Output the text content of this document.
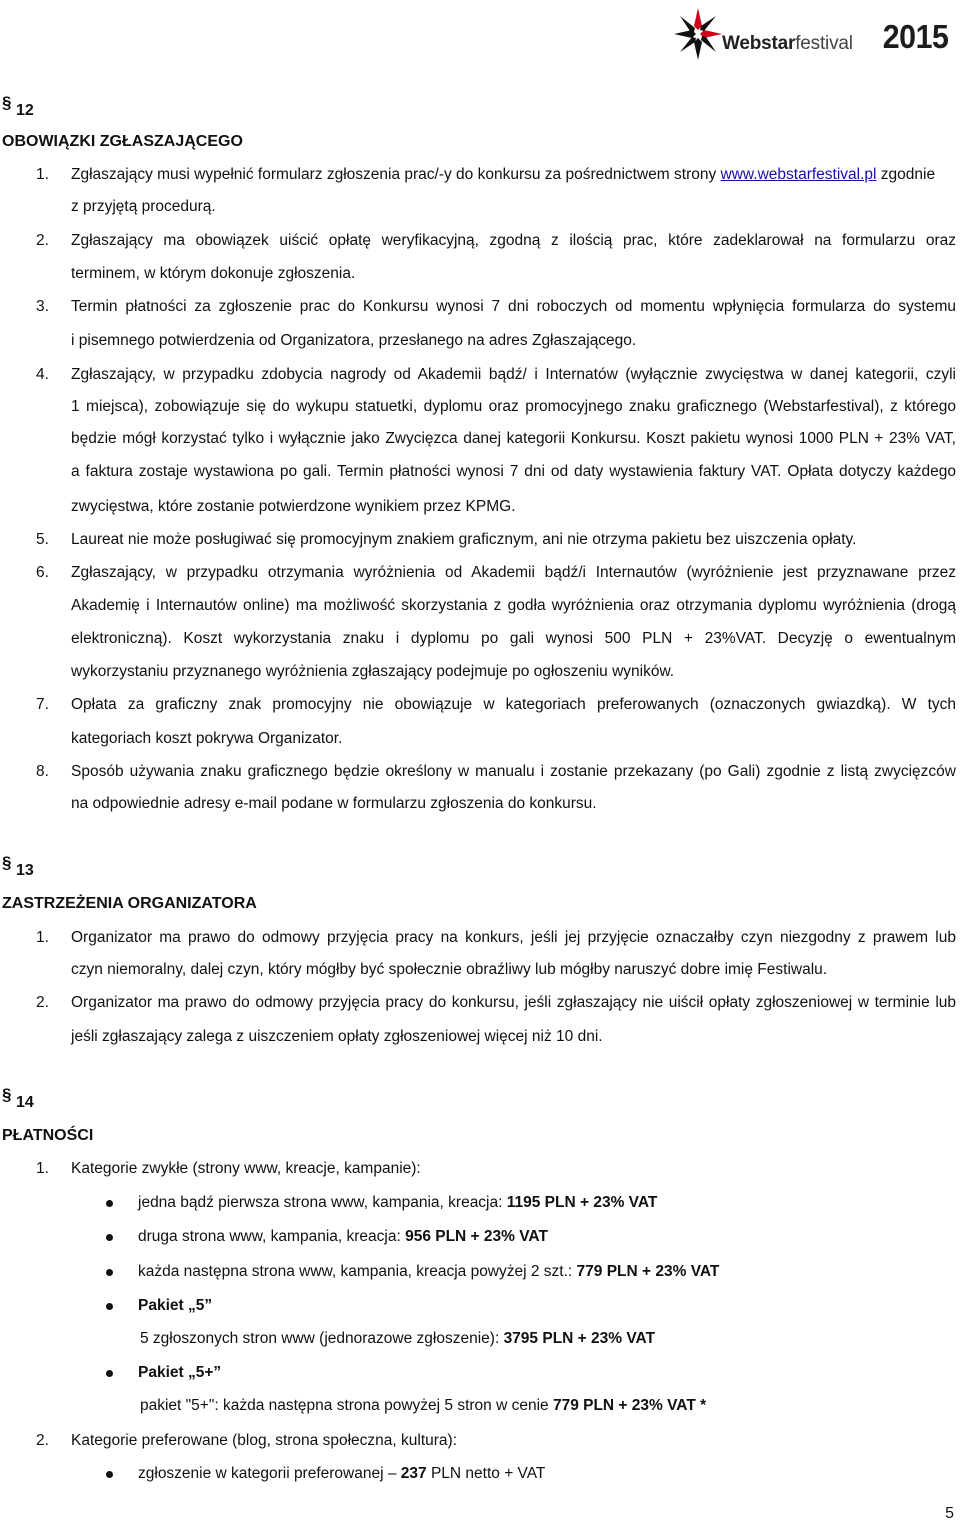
Webstarfestival 2015
§ 12
OBOWIĄZKI ZGŁASZAJĄCEGO
1. Zgłaszający musi wypełnić formularz zgłoszenia prac/-y do konkursu za pośrednictwem strony www.webstarfestival.pl zgodnie
z przyjętą procedurą.
2. Zgłaszający ma obowiązek uiścić opłatę weryfikacyjną, zgodną z ilością prac, które zadeklarował na formularzu oraz
terminem, w którym dokonuje zgłoszenia.
3. Termin płatności za zgłoszenie prac do Konkursu wynosi 7 dni roboczych od momentu wpłynięcia formularza do systemu
i pisemnego potwierdzenia od Organizatora, przesłanego na adres Zgłaszającego.
4. Zgłaszający, w przypadku zdobycia nagrody od Akademii bądź/ i Internatów (wyłącznie zwycięstwa w danej kategorii, czyli
1 miejsca), zobowiązuje się do wykupu statuetki, dyplomu oraz promocyjnego znaku graficznego (Webstarfestival), z którego
będzie mógł korzystać tylko i wyłącznie jako Zwycięzca danej kategorii Konkursu. Koszt pakietu wynosi 1000 PLN + 23% VAT,
a faktura zostaje wystawiona po gali. Termin płatności wynosi 7 dni od daty wystawienia faktury VAT. Opłata dotyczy każdego
zwycięstwa, które zostanie potwierdzone wynikiem przez KPMG.
5. Laureat nie może posługiwać się promocyjnym znakiem graficznym, ani nie otrzyma pakietu bez uiszczenia opłaty.
6. Zgłaszający, w przypadku otrzymania wyróżnienia od Akademii bądź/i Internautów (wyróżnienie jest przyznawane przez
Akademię i Internautów online) ma możliwość skorzystania z godła wyróżnienia oraz otrzymania dyplomu wyróżnienia (drogą
elektroniczną). Koszt wykorzystania znaku i dyplomu po gali wynosi 500 PLN + 23%VAT. Decyzję o ewentualnym
wykorzystaniu przyznanego wyróżnienia zgłaszający podejmuje po ogłoszeniu wyników.
7. Opłata za graficzny znak promocyjny nie obowiązuje w kategoriach preferowanych (oznaczonych gwiazdką). W tych
kategoriach koszt pokrywa Organizator.
8. Sposób używania znaku graficznego będzie określony w manualu i zostanie przekazany (po Gali) zgodnie z listą zwycięzców
na odpowiednie adresy e-mail podane w formularzu zgłoszenia do konkursu.
§ 13
ZASTRZEŻENIA ORGANIZATORA
1. Organizator ma prawo do odmowy przyjęcia pracy na konkurs, jeśli jej przyjęcie oznaczałby czyn niezgodny z prawem lub
czyn niemoralny, dalej czyn, który mógłby być społecznie obraźliwy lub mógłby naruszyć dobre imię Festiwalu.
2. Organizator ma prawo do odmowy przyjęcia pracy do konkursu, jeśli zgłaszający nie uiścił opłaty zgłoszeniowej w terminie lub
jeśli zgłaszający zalega z uiszczeniem opłaty zgłoszeniowej więcej niż 10 dni.
§ 14
PŁATNOŚCI
1. Kategorie zwykłe (strony www, kreacje, kampanie):
jedna bądź pierwsza strona www, kampania, kreacja: 1195 PLN + 23% VAT
druga strona www, kampania, kreacja: 956 PLN + 23% VAT
każda następna strona www, kampania, kreacja powyżej 2 szt.: 779 PLN + 23% VAT
Pakiet „5”
5 zgłoszonych stron www (jednorazowe zgłoszenie): 3795 PLN + 23% VAT
Pakiet „5+”
pakiet "5+": każda następna strona powyżej 5 stron w cenie 779 PLN + 23% VAT *
2. Kategorie preferowane (blog, strona społeczna, kultura):
zgłoszenie w kategorii preferowanej – 237 PLN netto + VAT
5
